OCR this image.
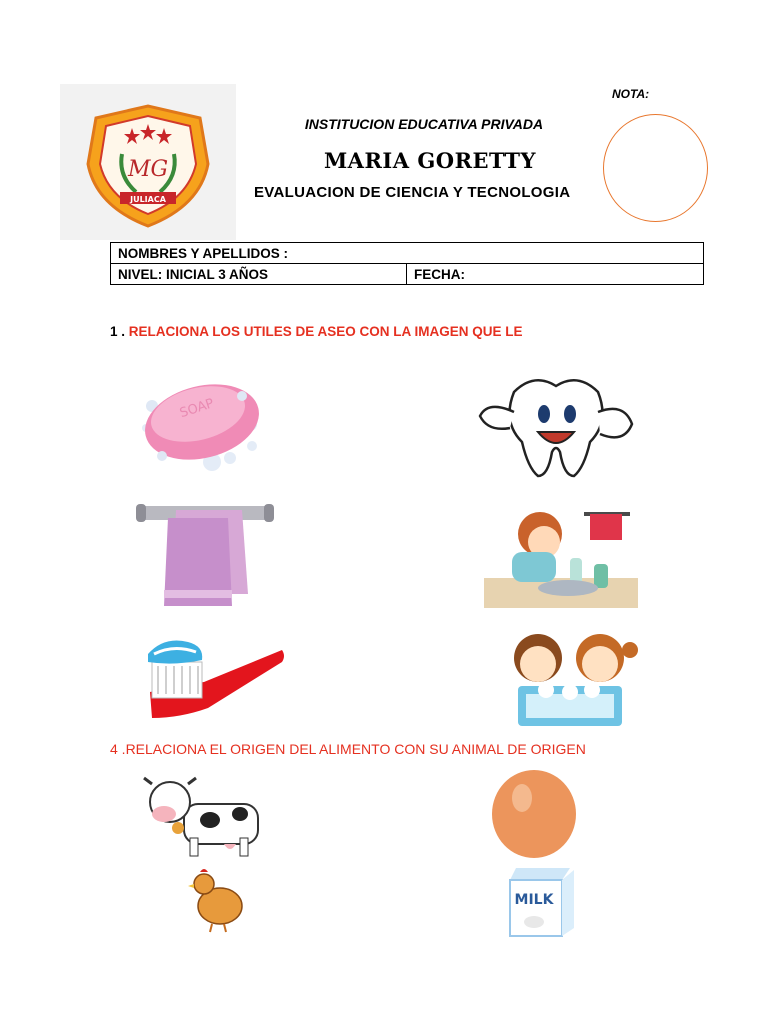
MG
JULIACA
NOTA:
INSTITUCION EDUCATIVA PRIVADA
MARIA GORETTY
EVALUACION DE CIENCIA Y TECNOLOGIA
NOMBRES Y APELLIDOS :
NIVEL: INICIAL 3 AÑOS	FECHA:
1 . RELACIONA LOS UTILES DE ASEO CON LA IMAGEN QUE LE
SOAP
4 .RELACIONA EL ORIGEN DEL ALIMENTO CON SU ANIMAL DE ORIGEN
MILK
